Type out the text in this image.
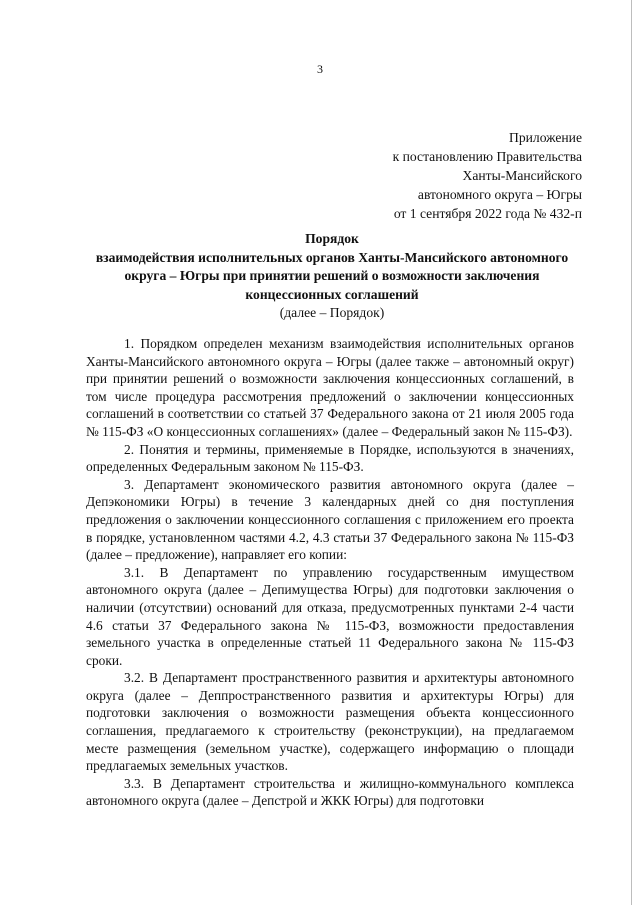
3
Приложение
к постановлению Правительства
Ханты-Мансийского
автономного округа – Югры
от 1 сентября 2022 года № 432-п
Порядок
взаимодействия исполнительных органов Ханты-Мансийского автономного округа – Югры при принятии решений о возможности заключения концессионных соглашений
(далее – Порядок)

1. Порядком определен механизм взаимодействия исполнительных органов Ханты-Мансийского автономного округа – Югры (далее также – автономный округ) при принятии решений о возможности заключения концессионных соглашений, в том числе процедура рассмотрения предложений о заключении концессионных соглашений в соответствии со статьей 37 Федерального закона от 21 июля 2005 года № 115-ФЗ «О концессионных соглашениях» (далее – Федеральный закон № 115-ФЗ).

2. Понятия и термины, применяемые в Порядке, используются в значениях, определенных Федеральным законом № 115-ФЗ.

3. Департамент экономического развития автономного округа (далее – Депэкономики Югры) в течение 3 календарных дней со дня поступления предложения о заключении концессионного соглашения с приложением его проекта в порядке, установленном частями 4.2, 4.3 статьи 37 Федерального закона № 115-ФЗ (далее – предложение), направляет его копии:

3.1. В Департамент по управлению государственным имуществом автономного округа (далее – Депимущества Югры) для подготовки заключения о наличии (отсутствии) оснований для отказа, предусмотренных пунктами 2-4 части 4.6 статьи 37 Федерального закона № 115-ФЗ, возможности предоставления земельного участка в определенные статьей 11 Федерального закона № 115-ФЗ сроки.

3.2. В Департамент пространственного развития и архитектуры автономного округа (далее – Деппространственного развития и архитектуры Югры) для подготовки заключения о возможности размещения объекта концессионного соглашения, предлагаемого к строительству (реконструкции), на предлагаемом месте размещения (земельном участке), содержащего информацию о площади предлагаемых земельных участков.

3.3. В Департамент строительства и жилищно-коммунального комплекса автономного округа (далее – Депстрой и ЖКК Югры) для подготовки
